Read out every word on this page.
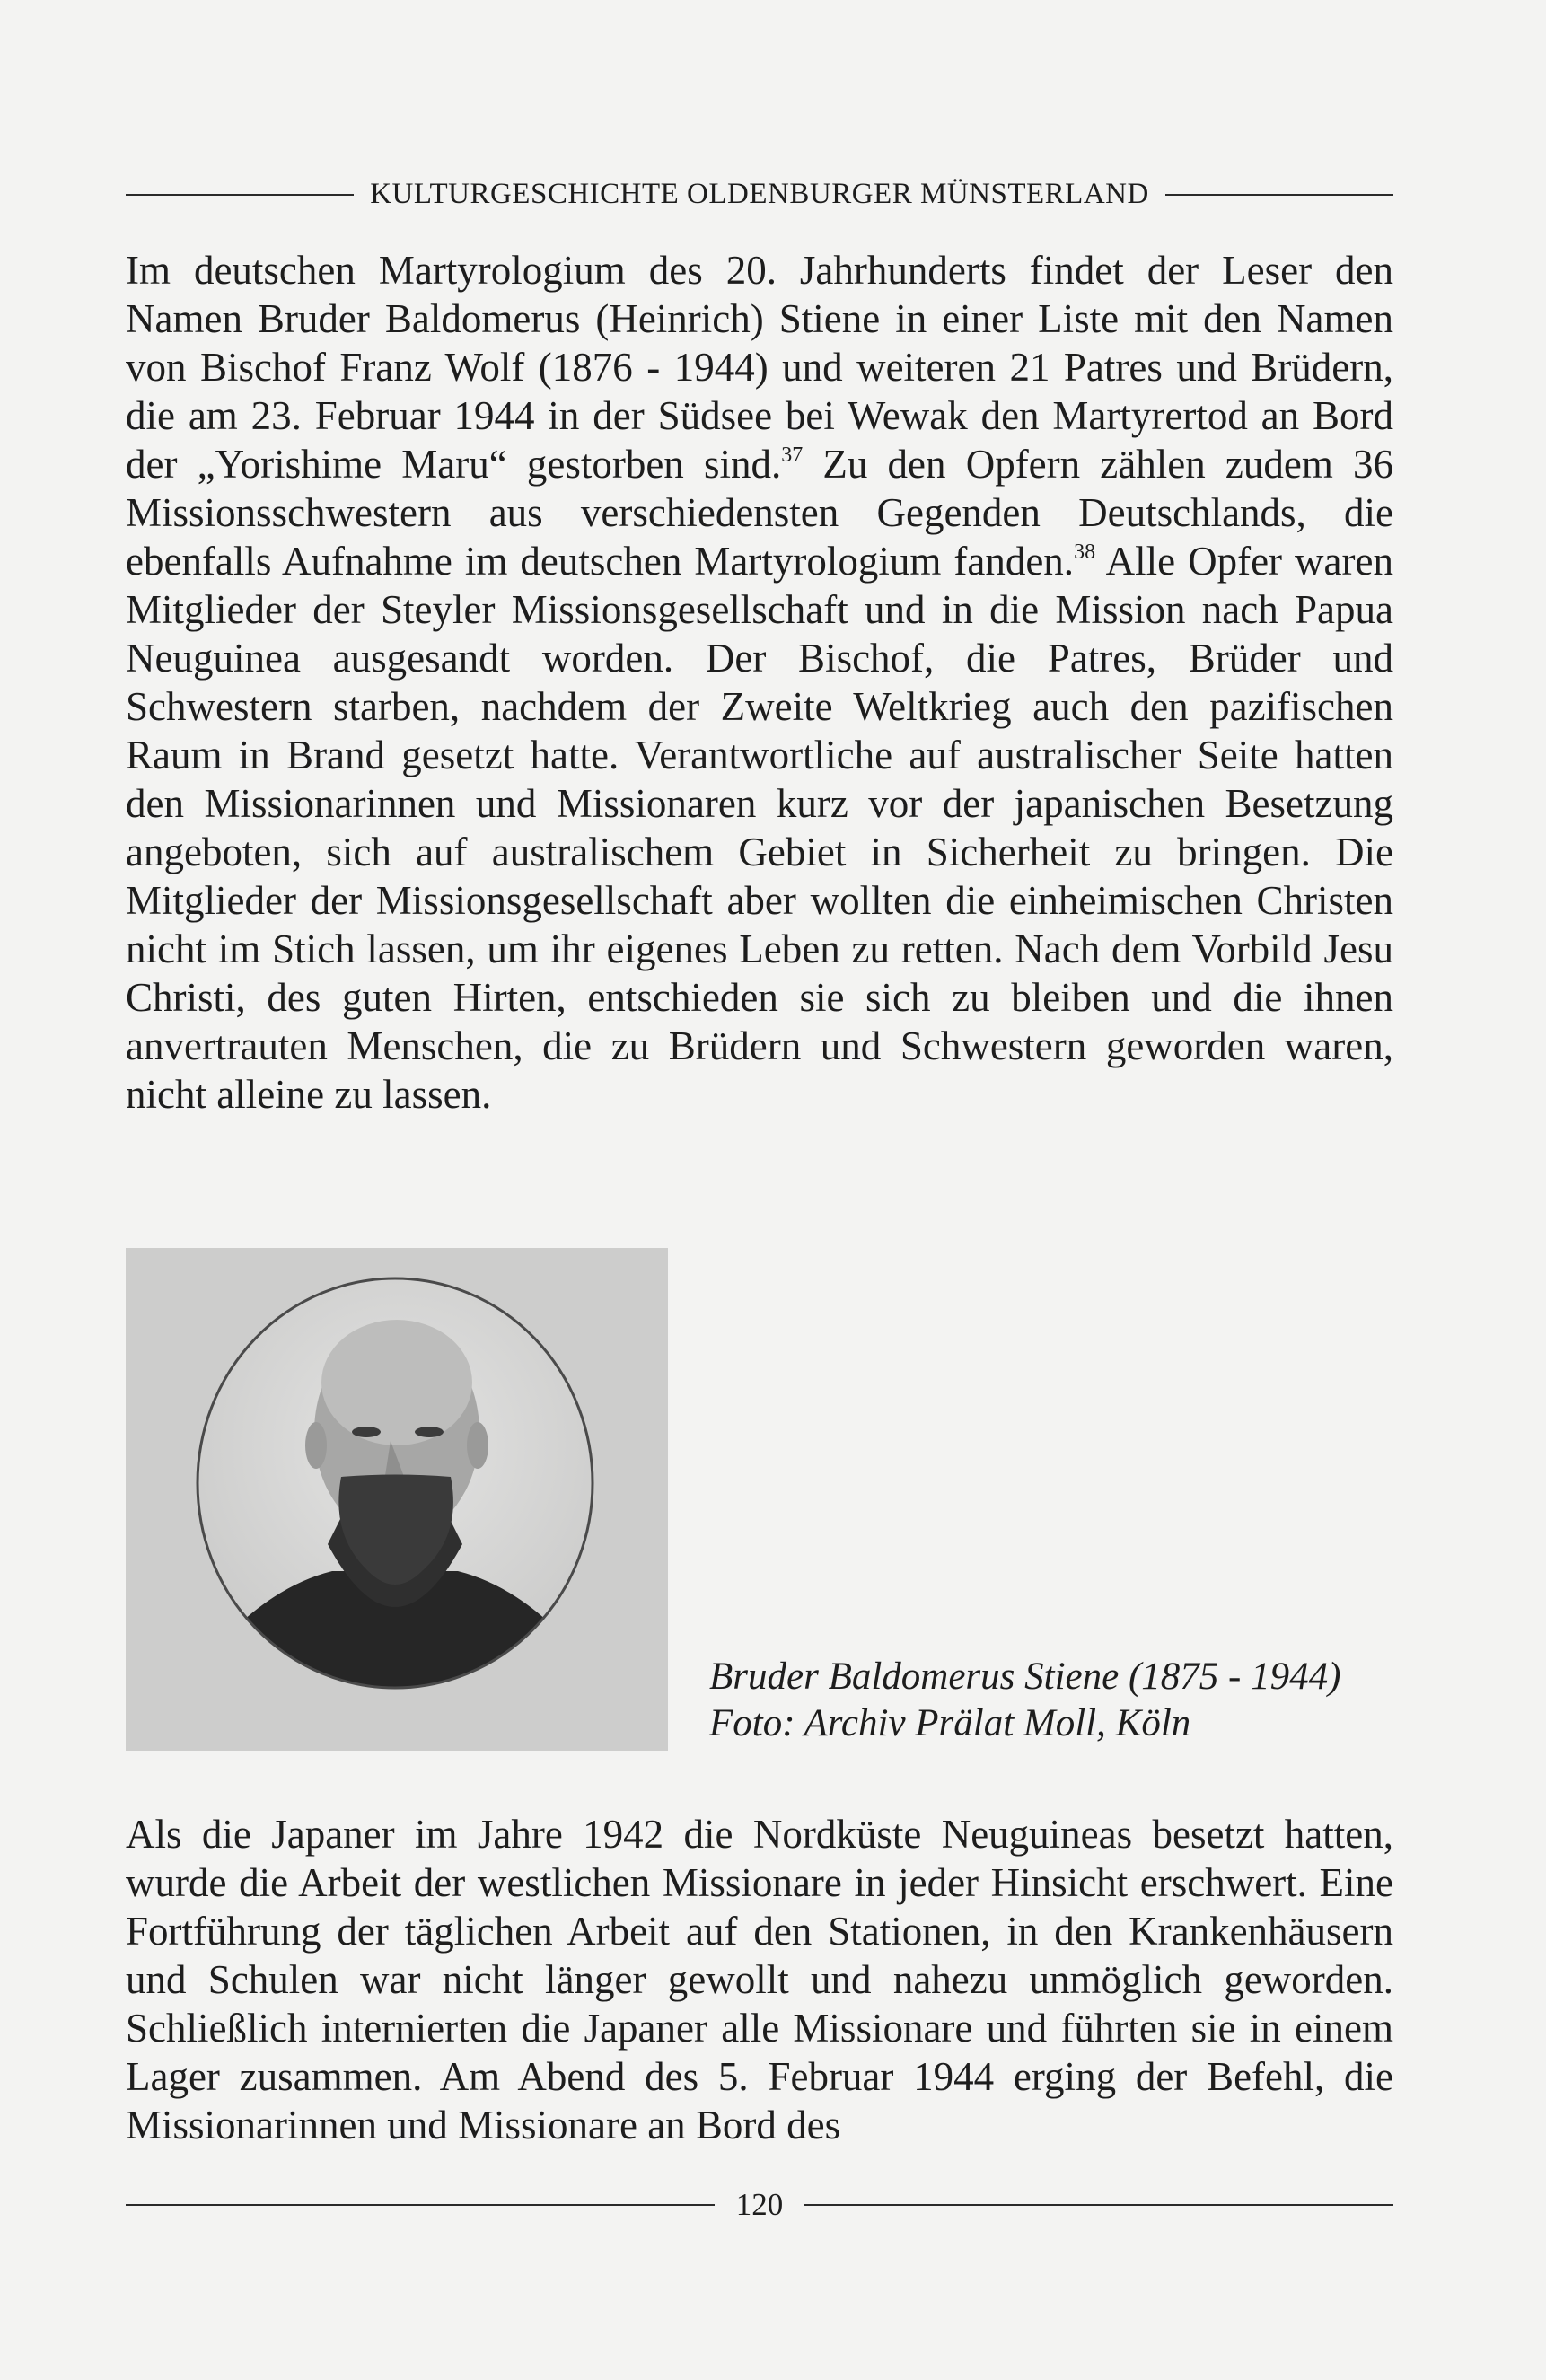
KULTURGESCHICHTE OLDENBURGER MÜNSTERLAND

Im deutschen Martyrologium des 20. Jahrhunderts findet der Leser den Namen Bruder Baldomerus (Heinrich) Stiene in einer Liste mit den Namen von Bischof Franz Wolf (1876 - 1944) und weiteren 21 Patres und Brüdern, die am 23. Februar 1944 in der Südsee bei Wewak den Martyrertod an Bord der „Yorishime Maru“ gestorben sind.$^{37}$ Zu den Opfern zählen zudem 36 Missionsschwestern aus verschiedensten Gegenden Deutschlands, die ebenfalls Aufnahme im deutschen Martyrologium fanden.$^{38}$ Alle Opfer waren Mitglieder der Steyler Missionsgesellschaft und in die Mission nach Papua Neuguinea ausgesandt worden. Der Bischof, die Patres, Brüder und Schwestern starben, nachdem der Zweite Weltkrieg auch den pazifischen Raum in Brand gesetzt hatte. Verantwortliche auf australischer Seite hatten den Missionarinnen und Missionaren kurz vor der japanischen Besetzung angeboten, sich auf australischem Gebiet in Sicherheit zu bringen. Die Mitglieder der Missionsgesellschaft aber wollten die einheimischen Christen nicht im Stich lassen, um ihr eigenes Leben zu retten. Nach dem Vorbild Jesu Christi, des guten Hirten, entschieden sie sich zu bleiben und die ihnen anvertrauten Menschen, die zu Brüdern und Schwestern geworden waren, nicht alleine zu lassen.

Bruder Baldomerus Stiene (1875 - 1944)
Foto: Archiv Prälat Moll, Köln

Als die Japaner im Jahre 1942 die Nordküste Neuguineas besetzt hatten, wurde die Arbeit der westlichen Missionare in jeder Hinsicht erschwert. Eine Fortführung der täglichen Arbeit auf den Stationen, in den Krankenhäusern und Schulen war nicht länger gewollt und nahezu unmöglich geworden. Schließlich internierten die Japaner alle Missionare und führten sie in einem Lager zusammen. Am Abend des 5. Februar 1944 erging der Befehl, die Missionarinnen und Missionare an Bord des

120
